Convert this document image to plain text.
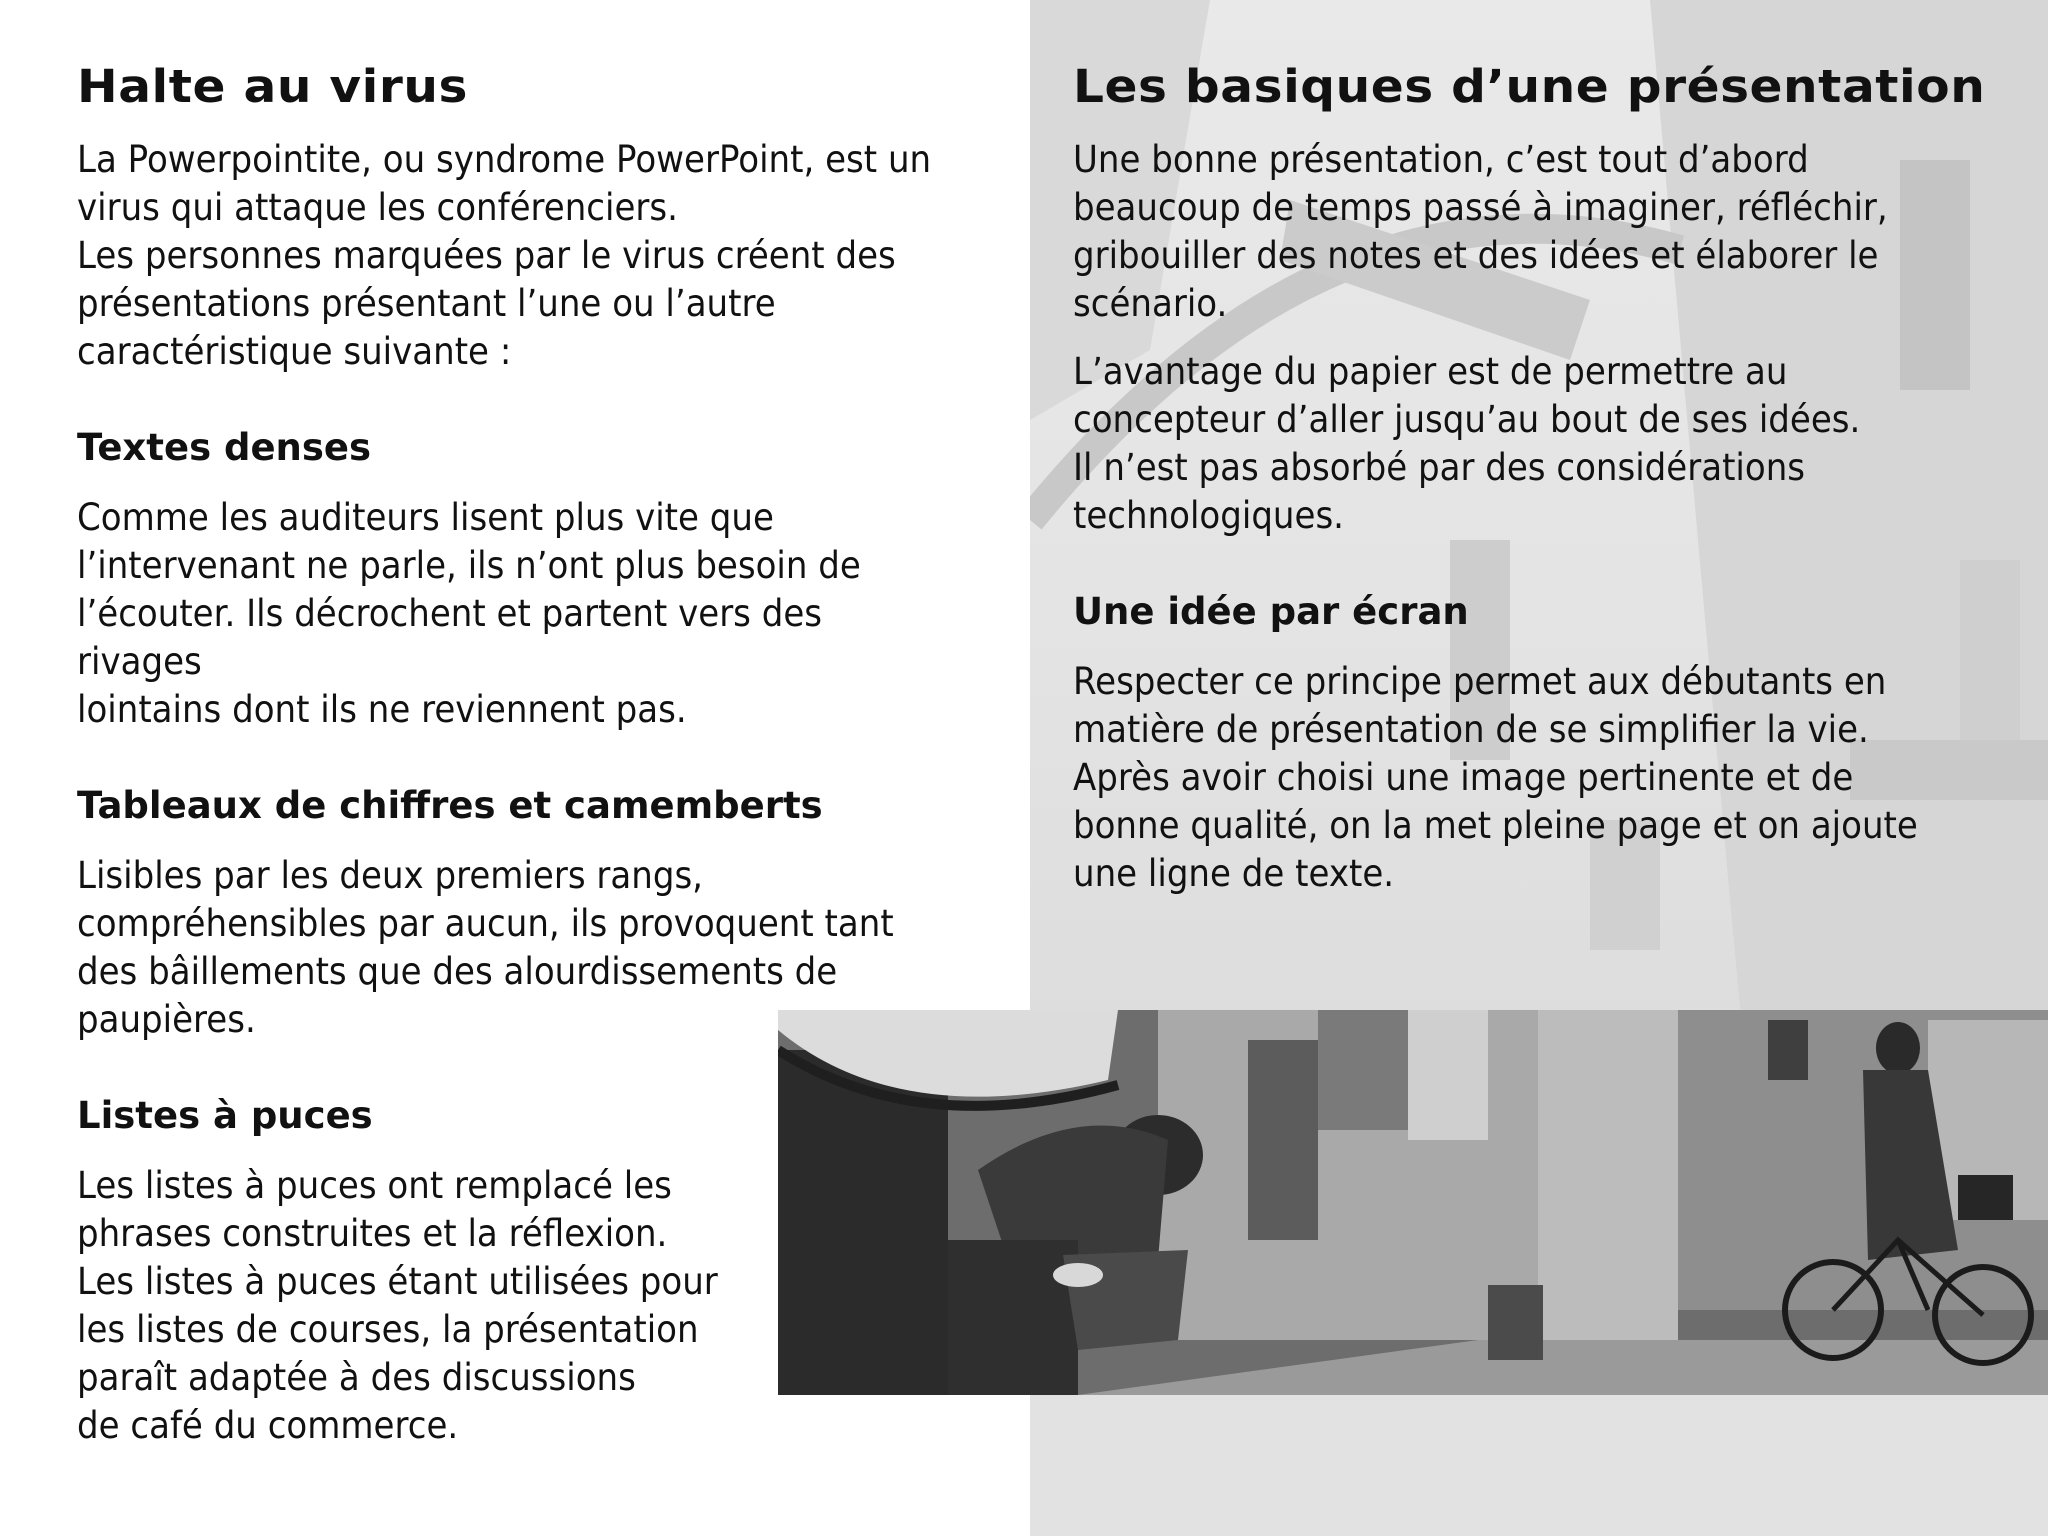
Halte au virus

La Powerpointite, ou syndrome PowerPoint, est un
virus qui attaque les conférenciers.
Les personnes marquées par le virus créent des
présentations présentant l’une ou l’autre
caractéristique suivante :

Textes denses

Comme les auditeurs lisent plus vite que
l’intervenant ne parle, ils n’ont plus besoin de
l’écouter. Ils décrochent et partent vers des rivages
lointains dont ils ne reviennent pas.

Tableaux de chiffres et camemberts

Lisibles par les deux premiers rangs,
compréhensibles par aucun, ils provoquent tant
des bâillements que des alourdissements de
paupières.

Listes à puces

Les listes à puces ont remplacé les
phrases construites et la réflexion.
Les listes à puces étant utilisées pour
les listes de courses, la présentation
paraît adaptée à des discussions
de café du commerce.

Les basiques d’une présentation

Une bonne présentation, c’est tout d’abord
beaucoup de temps passé à imaginer, réfléchir,
gribouiller des notes et des idées et élaborer le
scénario.

L’avantage du papier est de permettre au
concepteur d’aller jusqu’au bout de ses idées.
Il n’est pas absorbé par des considérations
technologiques.

Une idée par écran

Respecter ce principe permet aux débutants en
matière de présentation de se simplifier la vie.
Après avoir choisi une image pertinente et de
bonne qualité, on la met pleine page et on ajoute
une ligne de texte.
